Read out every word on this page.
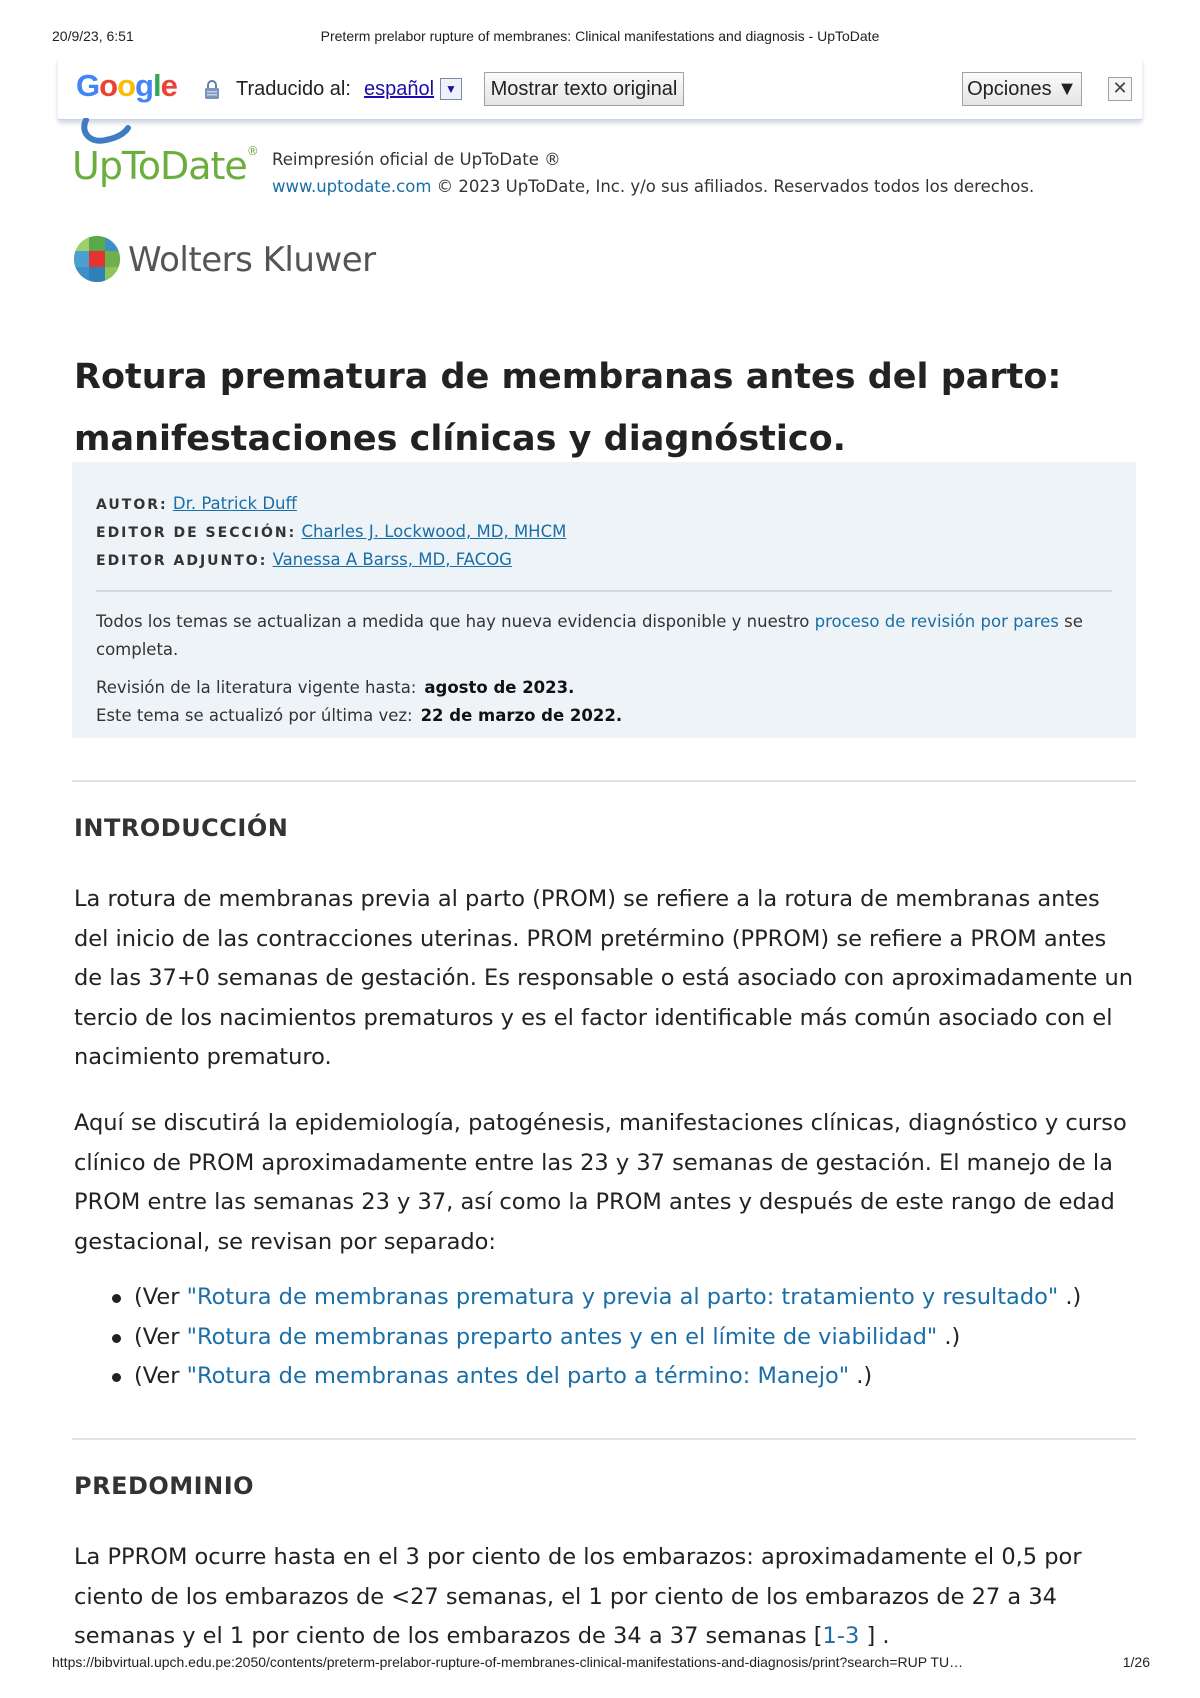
20/9/23, 6:51	Preterm prelabor rupture of membranes: Clinical manifestations and diagnosis - UpToDate
Google	Traducido al: español ▼	Mostrar texto original	Opciones ▼ ✕
UpToDate® Reimpresión oficial de UpToDate ®
www.uptodate.com © 2023 UpToDate, Inc. y/o sus afiliados. Reservados todos los derechos.
Wolters Kluwer
Rotura prematura de membranas antes del parto: manifestaciones clínicas y diagnóstico.
AUTOR: Dr. Patrick Duff
EDITOR DE SECCIÓN: Charles J. Lockwood, MD, MHCM
EDITOR ADJUNTO: Vanessa A Barss, MD, FACOG
Todos los temas se actualizan a medida que hay nueva evidencia disponible y nuestro proceso de revisión por pares se completa.
Revisión de la literatura vigente hasta: agosto de 2023.
Este tema se actualizó por última vez: 22 de marzo de 2022.
INTRODUCCIÓN

La rotura de membranas previa al parto (PROM) se refiere a la rotura de membranas antes del inicio de las contracciones uterinas. PROM pretérmino (PPROM) se refiere a PROM antes de las 37+0 semanas de gestación. Es responsable o está asociado con aproximadamente un tercio de los nacimientos prematuros y es el factor identificable más común asociado con el nacimiento prematuro.

Aquí se discutirá la epidemiología, patogénesis, manifestaciones clínicas, diagnóstico y curso clínico de PROM aproximadamente entre las 23 y 37 semanas de gestación. El manejo de la PROM entre las semanas 23 y 37, así como la PROM antes y después de este rango de edad gestacional, se revisan por separado:

(Ver "Rotura de membranas prematura y previa al parto: tratamiento y resultado" .)
(Ver "Rotura de membranas preparto antes y en el límite de viabilidad" .)
(Ver "Rotura de membranas antes del parto a término: Manejo" .)
PREDOMINIO

La PPROM ocurre hasta en el 3 por ciento de los embarazos: aproximadamente el 0,5 por ciento de los embarazos de <27 semanas, el 1 por ciento de los embarazos de 27 a 34 semanas y el 1 por ciento de los embarazos de 34 a 37 semanas [1-3 ] .

https://bibvirtual.upch.edu.pe:2050/contents/preterm-prelabor-rupture-of-membranes-clinical-manifestations-and-diagnosis/print?search=RUP TU…	1/26
